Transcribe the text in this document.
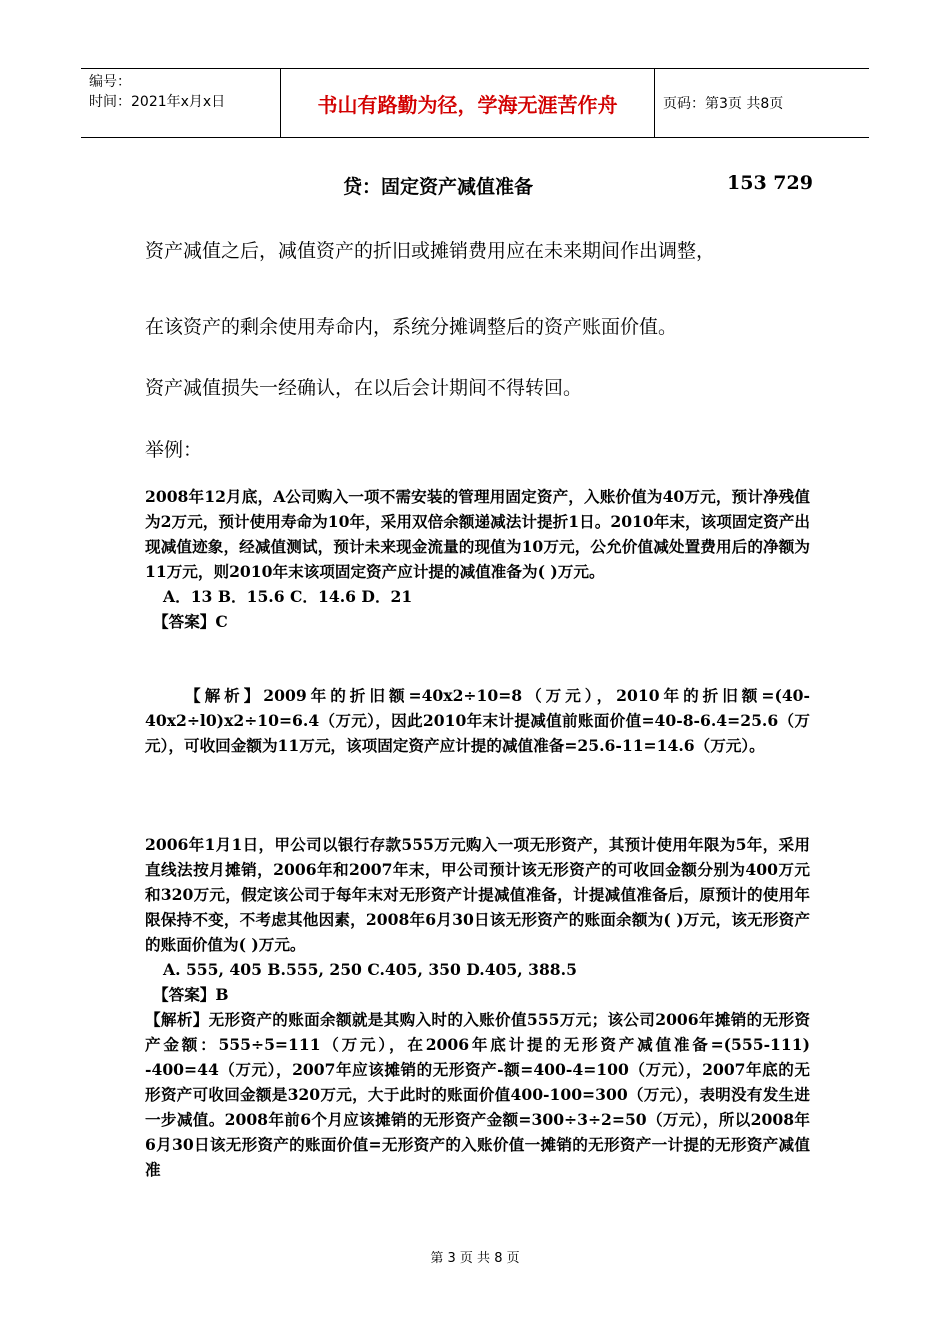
编号：
时间：2021年x月x日	书山有路勤为径，学海无涯苦作舟	页码：第3页 共8页
贷：固定资产减值准备	153 729
资产减值之后，减值资产的折旧或摊销费用应在未来期间作出调整，
在该资产的剩余使用寿命内，系统分摊调整后的资产账面价值。
资产减值损失一经确认，在以后会计期间不得转回。
举例：

2008年12月底，A公司购入一项不需安装的管理用固定资产，入账价值为40万元，预计净残值为2万元，预计使用寿命为10年，采用双倍余额递减法计提折1日。2010年末，该项固定资产出现减值迹象，经减值测试，预计未来现金流量的现值为10万元，公允价值减处置费用后的净额为11万元，则2010年末该项固定资产应计提的减值准备为( )万元。

A．13 B．15.6 C．14.6 D．21

【答案】C

【解析】2009年的折旧额=40x2÷10=8（万元），2010年的折旧额=(40-40x2÷l0)x2÷10=6.4（万元），因此2010年末计提减值前账面价值=40-8-6.4=25.6（万元），可收回金额为11万元，该项固定资产应计提的减值准备=25.6-11=14.6（万元）。

2006年1月1日，甲公司以银行存款555万元购入一项无形资产，其预计使用年限为5年，采用直线法按月摊销，2006年和2007年末，甲公司预计该无形资产的可收回金额分别为400万元和320万元，假定该公司于每年末对无形资产计提减值准备，计提减值准备后，原预计的使用年限保持不变，不考虑其他因素，2008年6月30日该无形资产的账面余额为( )万元，该无形资产的账面价值为( )万元。

A. 555, 405 B.555, 250 C.405, 350 D.405, 388.5

【答案】B

【解析】无形资产的账面余额就是其购入时的入账价值555万元；该公司2006年摊销的无形资产金额：555÷5=111（万元），在2006年底计提的无形资产减值准备=(555-111) -400=44（万元），2007年应该摊销的无形资产-额=400-4=100（万元），2007年底的无形资产可收回金额是320万元，大于此时的账面价值400-100=300（万元），表明没有发生进一步减值。2008年前6个月应该摊销的无形资产金额=300÷3÷2=50（万元），所以2008年6月30日该无形资产的账面价值=无形资产的入账价值一摊销的无形资产一计提的无形资产减值准

第 3 页 共 8 页
